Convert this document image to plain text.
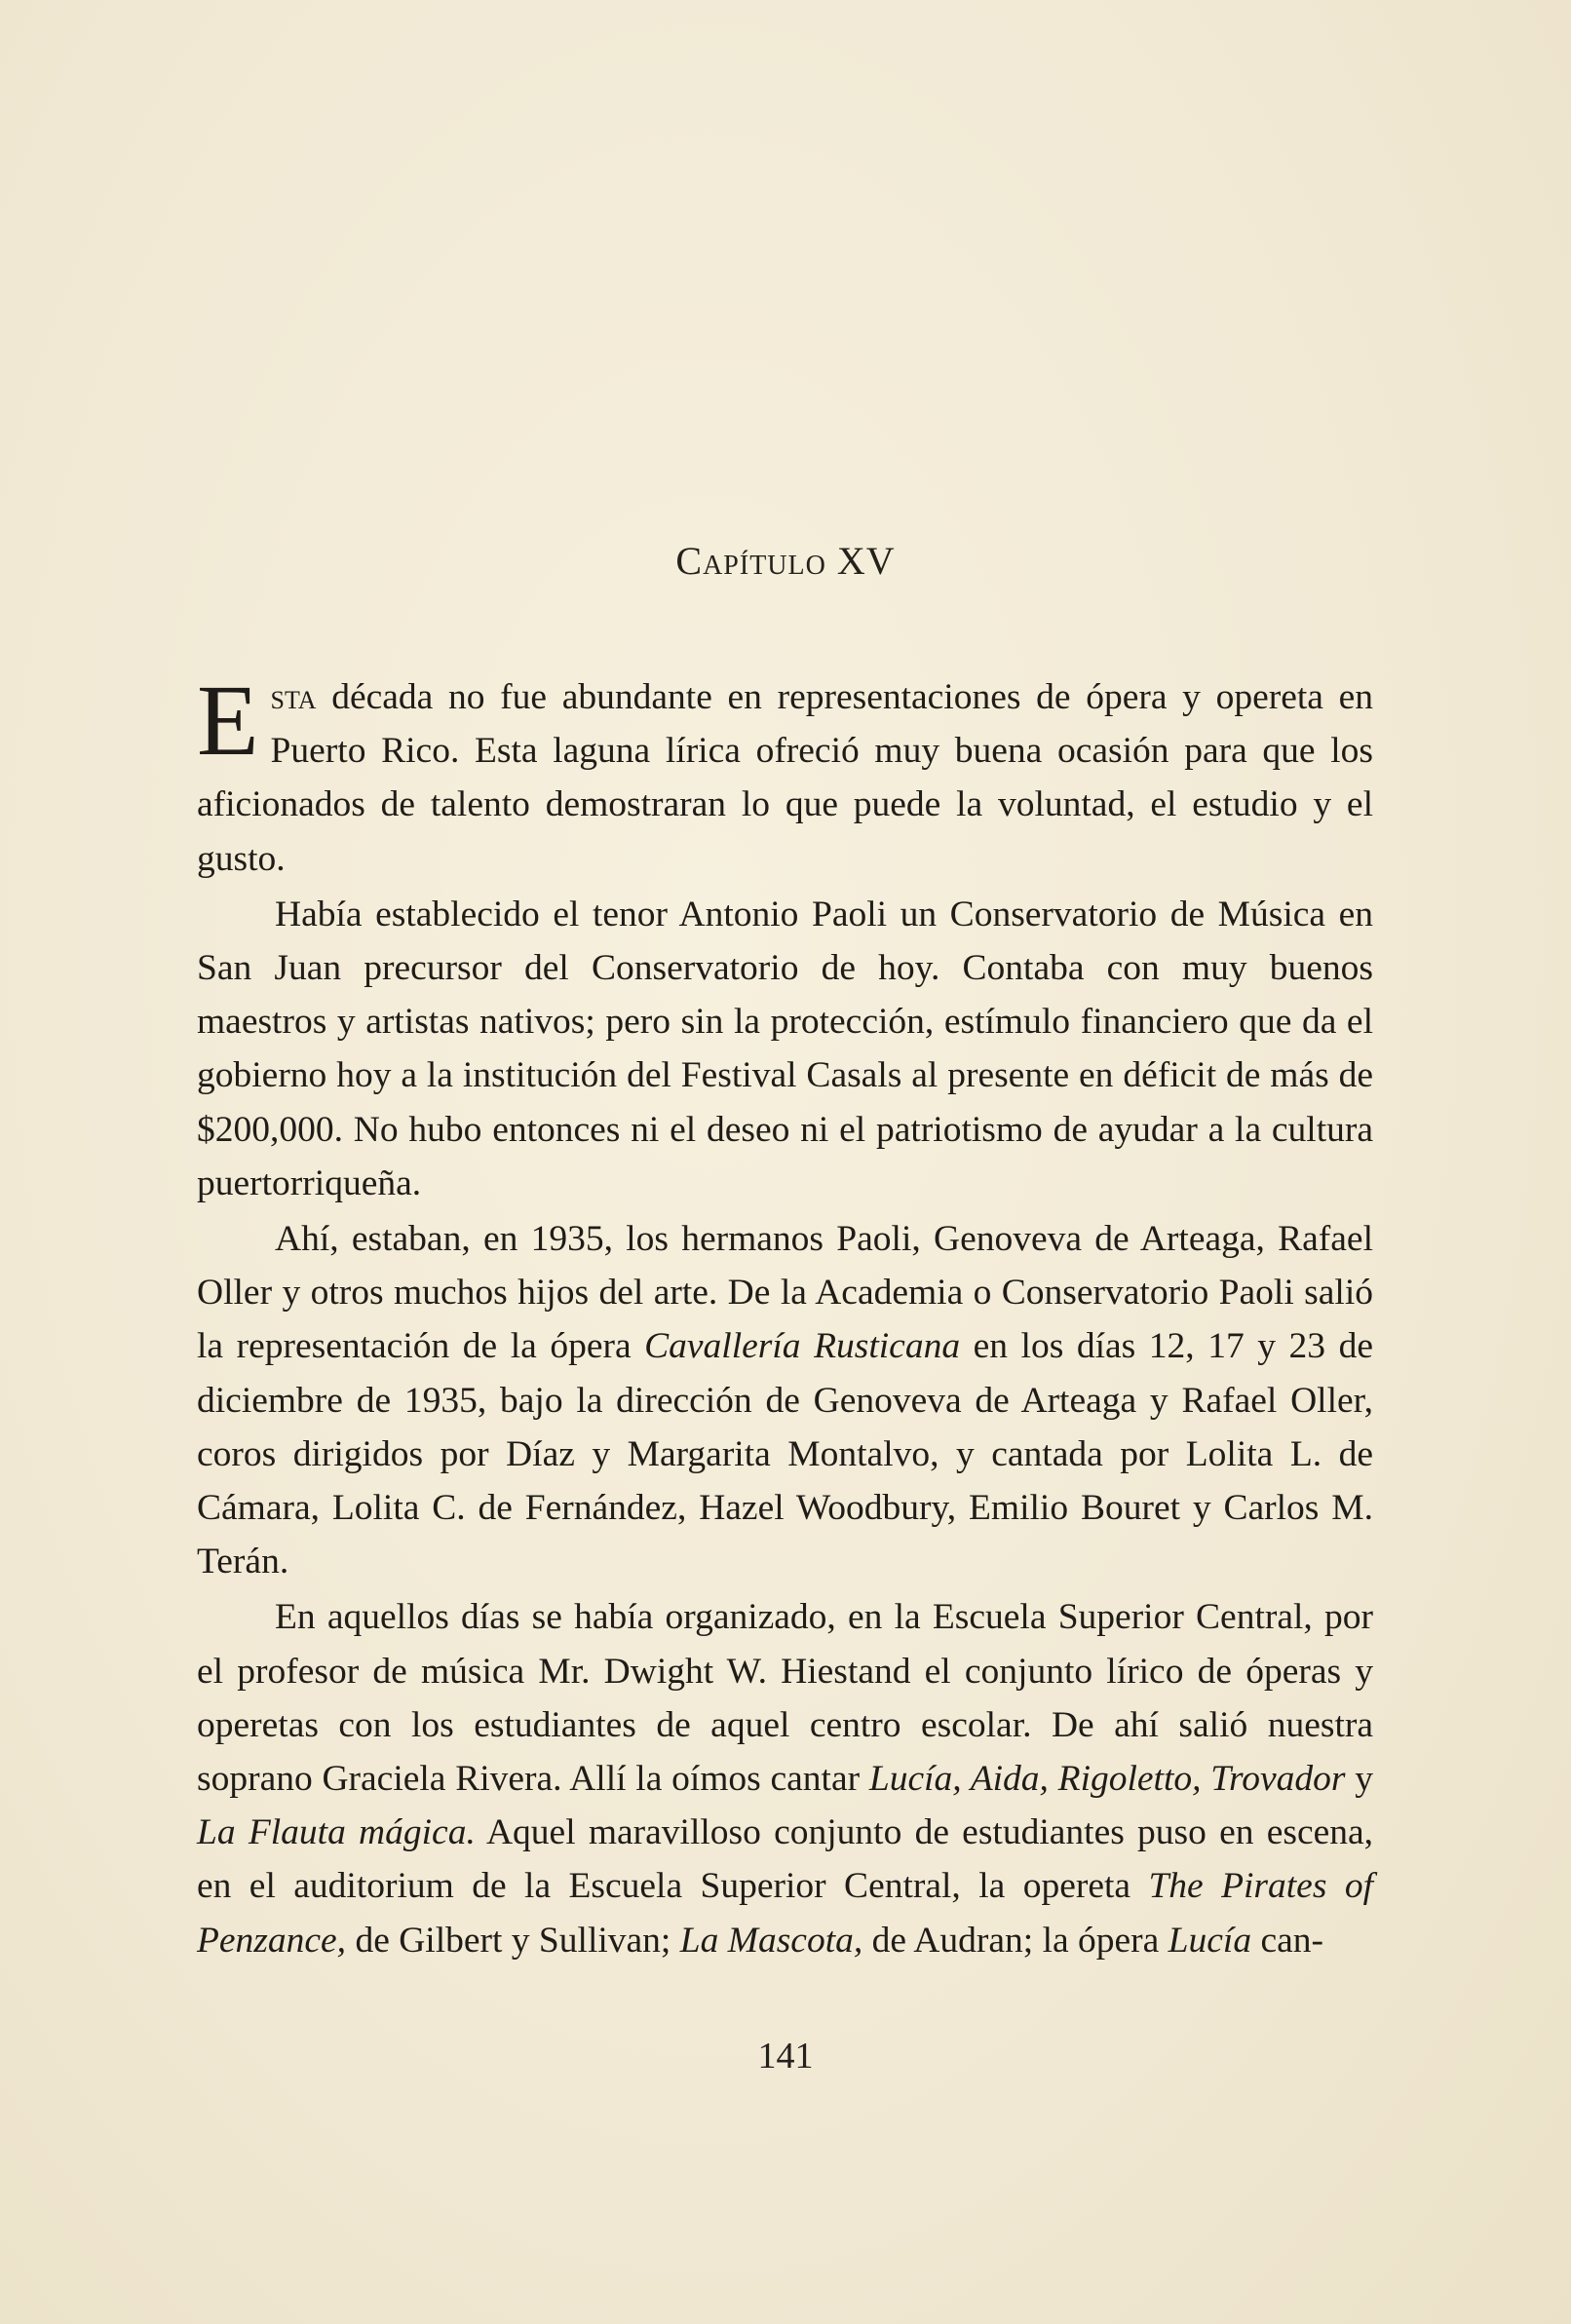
Capítulo XV

Esta década no fue abundante en representaciones de ópera y opereta en Puerto Rico. Esta laguna lírica ofreció muy buena ocasión para que los aficionados de talento demostraran lo que puede la voluntad, el estudio y el gusto.

Había establecido el tenor Antonio Paoli un Conservatorio de Música en San Juan precursor del Conservatorio de hoy. Contaba con muy buenos maestros y artistas nativos; pero sin la protección, estímulo financiero que da el gobierno hoy a la institución del Festival Casals al presente en déficit de más de $200,000. No hubo entonces ni el deseo ni el patriotismo de ayudar a la cultura puertorriqueña.

Ahí, estaban, en 1935, los hermanos Paoli, Genoveva de Arteaga, Rafael Oller y otros muchos hijos del arte. De la Academia o Conservatorio Paoli salió la representación de la ópera Cavallería Rusticana en los días 12, 17 y 23 de diciembre de 1935, bajo la dirección de Genoveva de Arteaga y Rafael Oller, coros dirigidos por Díaz y Margarita Montalvo, y cantada por Lolita L. de Cámara, Lolita C. de Fernández, Hazel Woodbury, Emilio Bouret y Carlos M. Terán.

En aquellos días se había organizado, en la Escuela Superior Central, por el profesor de música Mr. Dwight W. Hiestand el conjunto lírico de óperas y operetas con los estudiantes de aquel centro escolar. De ahí salió nuestra soprano Graciela Rivera. Allí la oímos cantar Lucía, Aida, Rigoletto, Trovador y La Flauta mágica. Aquel maravilloso conjunto de estudiantes puso en escena, en el auditorium de la Escuela Superior Central, la opereta The Pirates of Penzance, de Gilbert y Sullivan; La Mascota, de Audran; la ópera Lucía can-

141
